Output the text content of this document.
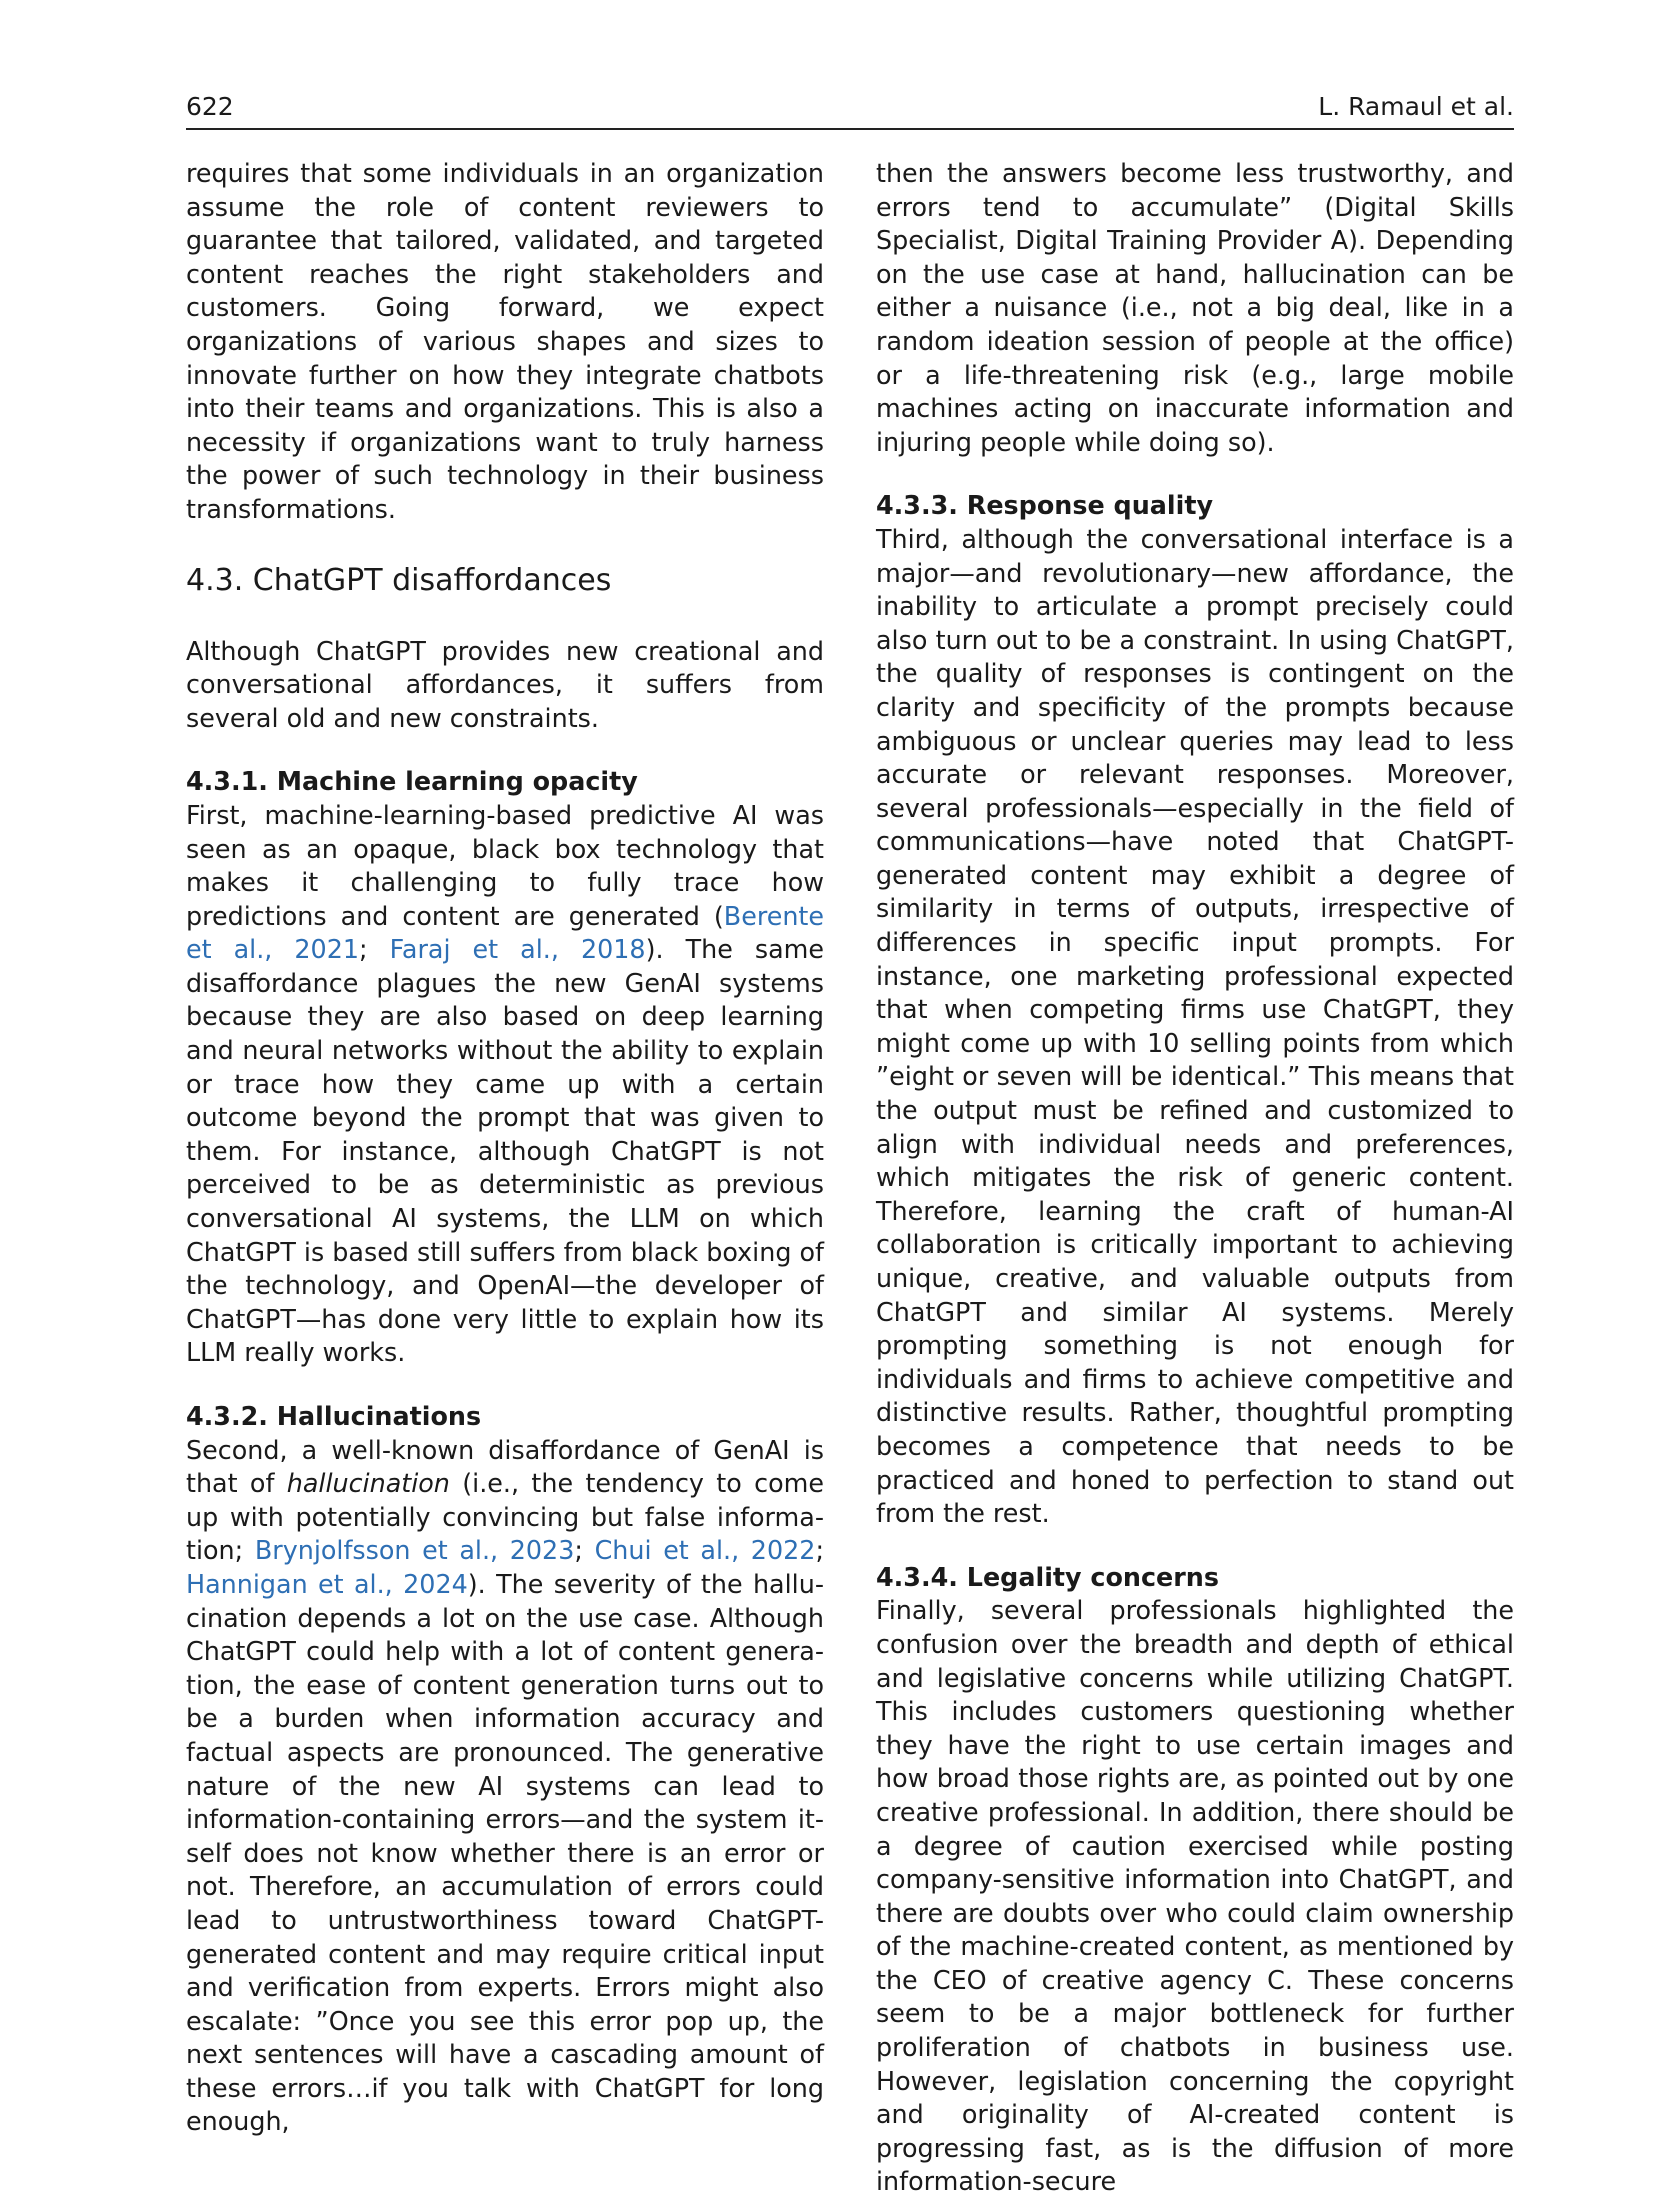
622	L. Ramaul et al.

requires that some individuals in an organization assume the role of content reviewers to guarantee that tailored, validated, and targeted content reaches the right stakeholders and customers. Going forward, we expect organizations of various shapes and sizes to innovate further on how they integrate chatbots into their teams and organizations. This is also a necessity if organizations want to truly harness the power of such technology in their business transformations.

4.3. ChatGPT disaffordances

Although ChatGPT provides new creational and conversational affordances, it suffers from several old and new constraints.

4.3.1. Machine learning opacity

First, machine-learning-based predictive AI was seen as an opaque, black box technology that makes it challenging to fully trace how predictions and content are generated (Berente et al., 2021; Faraj et al., 2018). The same disaffordance plagues the new GenAI systems because they are also based on deep learning and neural networks without the ability to explain or trace how they came up with a certain outcome beyond the prompt that was given to them. For instance, although ChatGPT is not perceived to be as deterministic as previous conversational AI systems, the LLM on which ChatGPT is based still suffers from black boxing of the technology, and OpenAI—the developer of ChatGPT—has done very little to explain how its LLM really works.

4.3.2. Hallucinations

Second, a well-known disaffordance of GenAI is that of hallucination (i.e., the tendency to come up with potentially convincing but false information; Brynjolfsson et al., 2023; Chui et al., 2022; Hannigan et al., 2024). The severity of the hallucination depends a lot on the use case. Although ChatGPT could help with a lot of content generation, the ease of content generation turns out to be a burden when information accuracy and factual aspects are pronounced. The generative nature of the new AI systems can lead to information-containing errors—and the system itself does not know whether there is an error or not. Therefore, an accumulation of errors could lead to untrustworthiness toward ChatGPT-generated content and may require critical input and verification from experts. Errors might also escalate: ”Once you see this error pop up, the next sentences will have a cascading amount of these errors…if you talk with ChatGPT for long enough,

then the answers become less trustworthy, and errors tend to accumulate” (Digital Skills Specialist, Digital Training Provider A). Depending on the use case at hand, hallucination can be either a nuisance (i.e., not a big deal, like in a random ideation session of people at the office) or a life-threatening risk (e.g., large mobile machines acting on inaccurate information and injuring people while doing so).

4.3.3. Response quality

Third, although the conversational interface is a major—and revolutionary—new affordance, the inability to articulate a prompt precisely could also turn out to be a constraint. In using ChatGPT, the quality of responses is contingent on the clarity and specificity of the prompts because ambiguous or unclear queries may lead to less accurate or relevant responses. Moreover, several professionals—especially in the field of communications—have noted that ChatGPT-generated content may exhibit a degree of similarity in terms of outputs, irrespective of differences in specific input prompts. For instance, one marketing professional expected that when competing firms use ChatGPT, they might come up with 10 selling points from which ”eight or seven will be identical.” This means that the output must be refined and customized to align with individual needs and preferences, which mitigates the risk of generic content. Therefore, learning the craft of human-AI collaboration is critically important to achieving unique, creative, and valuable outputs from ChatGPT and similar AI systems. Merely prompting something is not enough for individuals and firms to achieve competitive and distinctive results. Rather, thoughtful prompting becomes a competence that needs to be practiced and honed to perfection to stand out from the rest.

4.3.4. Legality concerns

Finally, several professionals highlighted the confusion over the breadth and depth of ethical and legislative concerns while utilizing ChatGPT. This includes customers questioning whether they have the right to use certain images and how broad those rights are, as pointed out by one creative professional. In addition, there should be a degree of caution exercised while posting company-sensitive information into ChatGPT, and there are doubts over who could claim ownership of the machine-created content, as mentioned by the CEO of creative agency C. These concerns seem to be a major bottleneck for further proliferation of chatbots in business use. However, legislation concerning the copyright and originality of AI-created content is progressing fast, as is the diffusion of more information-secure
